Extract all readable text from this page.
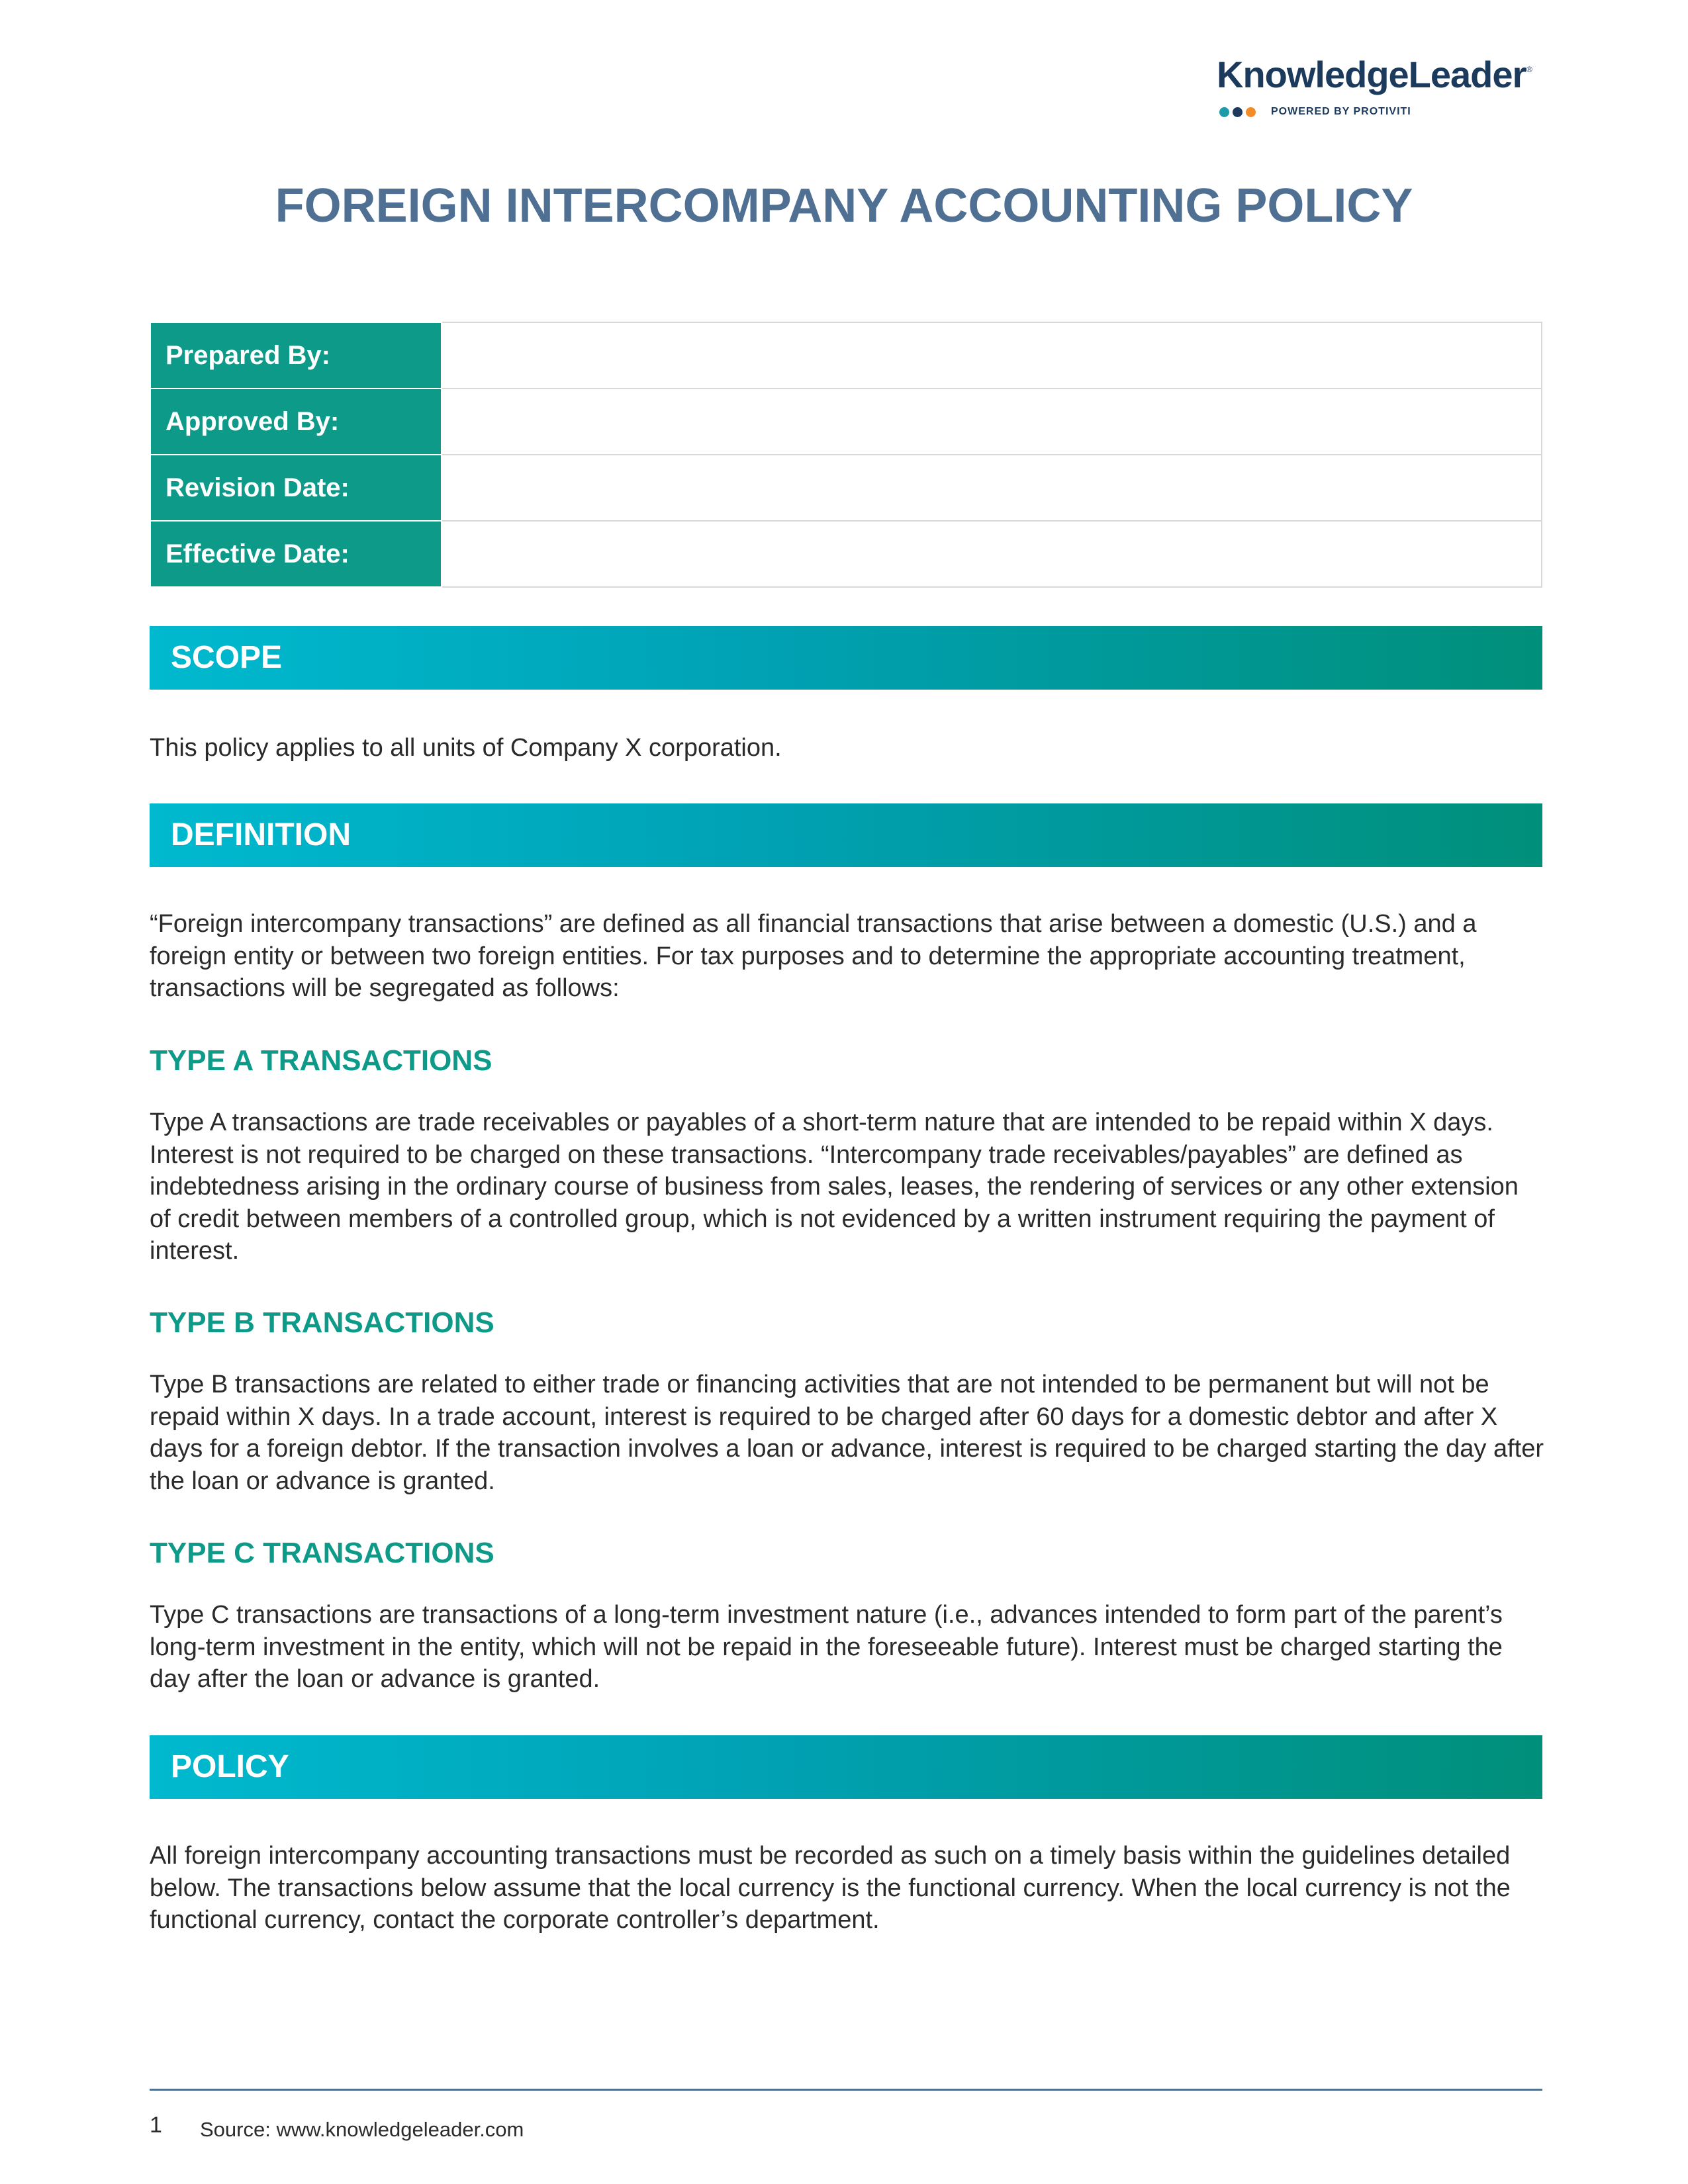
KnowledgeLeader ®
POWERED BY PROTIVITI
FOREIGN INTERCOMPANY ACCOUNTING POLICY
Prepared By:	
Approved By:	
Revision Date:	
Effective Date:	
SCOPE
This policy applies to all units of Company X corporation.
DEFINITION
“Foreign intercompany transactions” are defined as all financial transactions that arise between a domestic (U.S.) and a foreign entity or between two foreign entities. For tax purposes and to determine the appropriate accounting treatment, transactions will be segregated as follows:
TYPE A TRANSACTIONS
Type A transactions are trade receivables or payables of a short-term nature that are intended to be repaid within X days. Interest is not required to be charged on these transactions. “Intercompany trade receivables/payables” are defined as indebtedness arising in the ordinary course of business from sales, leases, the rendering of services or any other extension of credit between members of a controlled group, which is not evidenced by a written instrument requiring the payment of interest.
TYPE B TRANSACTIONS
Type B transactions are related to either trade or financing activities that are not intended to be permanent but will not be repaid within X days. In a trade account, interest is required to be charged after 60 days for a domestic debtor and after X days for a foreign debtor. If the transaction involves a loan or advance, interest is required to be charged starting the day after the loan or advance is granted.
TYPE C TRANSACTIONS
Type C transactions are transactions of a long-term investment nature (i.e., advances intended to form part of the parent’s long-term investment in the entity, which will not be repaid in the foreseeable future). Interest must be charged starting the day after the loan or advance is granted.
POLICY
All foreign intercompany accounting transactions must be recorded as such on a timely basis within the guidelines detailed below. The transactions below assume that the local currency is the functional currency. When the local currency is not the functional currency, contact the corporate controller’s department.
1 Source: www.knowledgeleader.com
